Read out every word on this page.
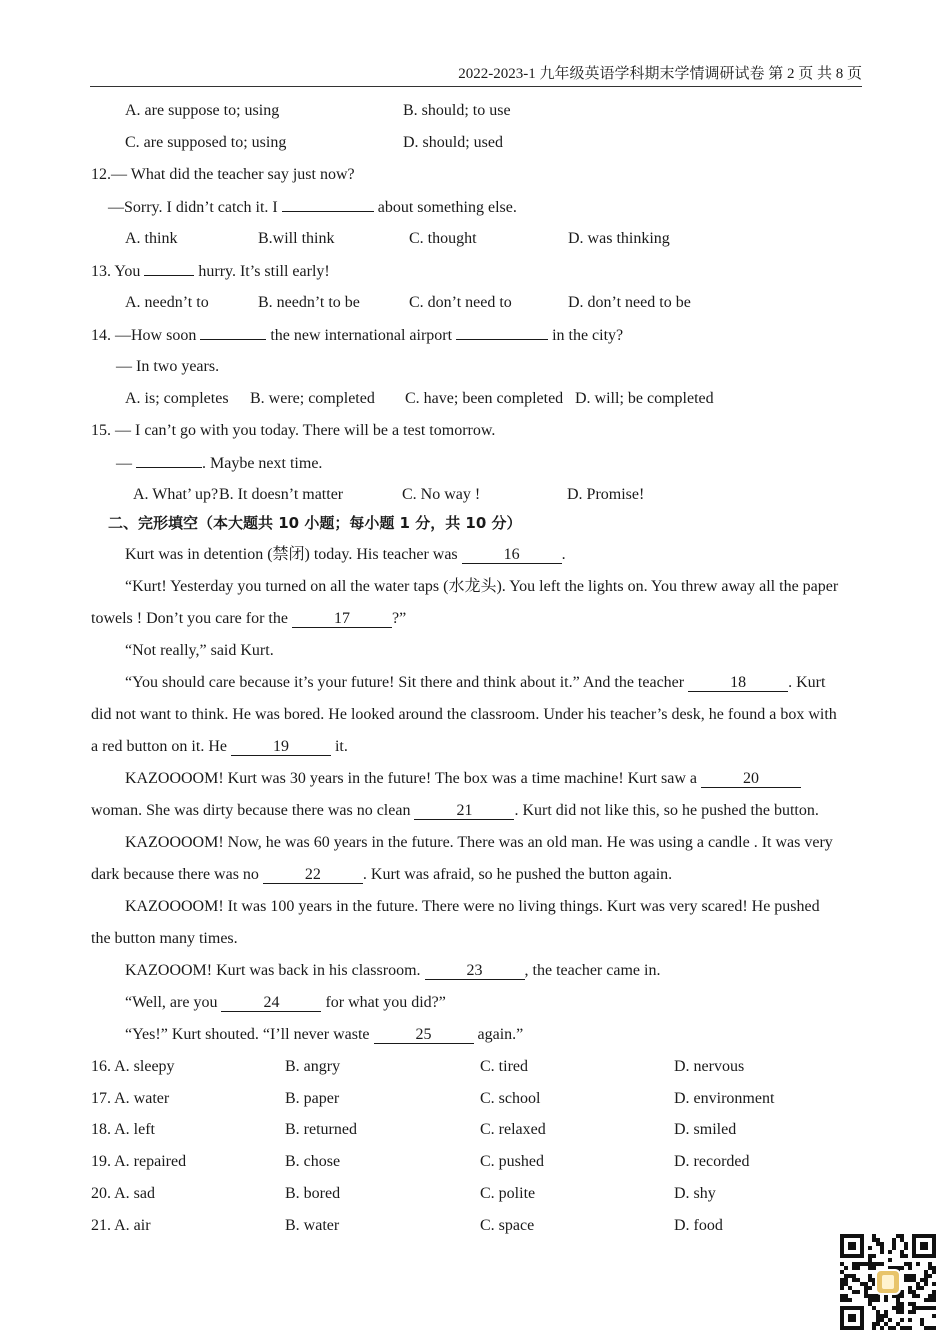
2022-2023-1 九年级英语学科期末学情调研试卷 第 2 页 共 8 页
A. are suppose to; using	B. should; to use
C. are supposed to; using	D. should; used
12.— What did the teacher say just now?
—Sorry. I didn’t catch it. I	about something else.
A. think	B.will think	C. thought	D. was thinking
13. You	hurry. It’s still early!
A. needn’t to	B. needn’t to be	C. don’t need to	D. don’t need to be
14. —How soon	the new international airport	in the city?
— In two years.
A. is; completes B. were; completed C. have; been completed D. will; be completed
15. — I can’t go with you today. There will be a test tomorrow.
—	. Maybe next time.
A. What’ up? B. It doesn’t matter	C. No way !	D. Promise!
二、完形填空（本大题共 10 小题；每小题 1 分，共 10 分）
Kurt was in detention (禁闭) today. His teacher was	16	.
“Kurt! Yesterday you turned on all the water taps (水龙头). You left the lights on. You threw away all the paper
towels ! Don’t you care for the	17	?”
“Not really,” said Kurt.
“You should care because it’s your future! Sit there and think about it.” And the teacher	18	. Kurt
did not want to think. He was bored. He looked around the classroom. Under his teacher’s desk, he found a box with
a red button on it. He	19	it.
KAZOOOOM! Kurt was 30 years in the future! The box was a time machine! Kurt saw a	20
woman. She was dirty because there was no clean	21	. Kurt did not like this, so he pushed the button.
KAZOOOOM! Now, he was 60 years in the future. There was an old man. He was using a candle . It was very
dark because there was no	22	. Kurt was afraid, so he pushed the button again.
KAZOOOOM! It was 100 years in the future. There were no living things. Kurt was very scared! He pushed
the button many times.
KAZOOOM! Kurt was back in his classroom.	23	, the teacher came in.
“Well, are you	24	for what you did?”
“Yes!” Kurt shouted. “I’ll never waste	25	again.”
16. A. sleepy	B. angry	C. tired	D. nervous
17. A. water	B. paper	C. school	D. environment
18. A. left	B. returned	C. relaxed	D. smiled
19. A. repaired	B. chose	C. pushed	D. recorded
20. A. sad	B. bored	C. polite	D. shy
21. A. air	B. water	C. space	D. food
